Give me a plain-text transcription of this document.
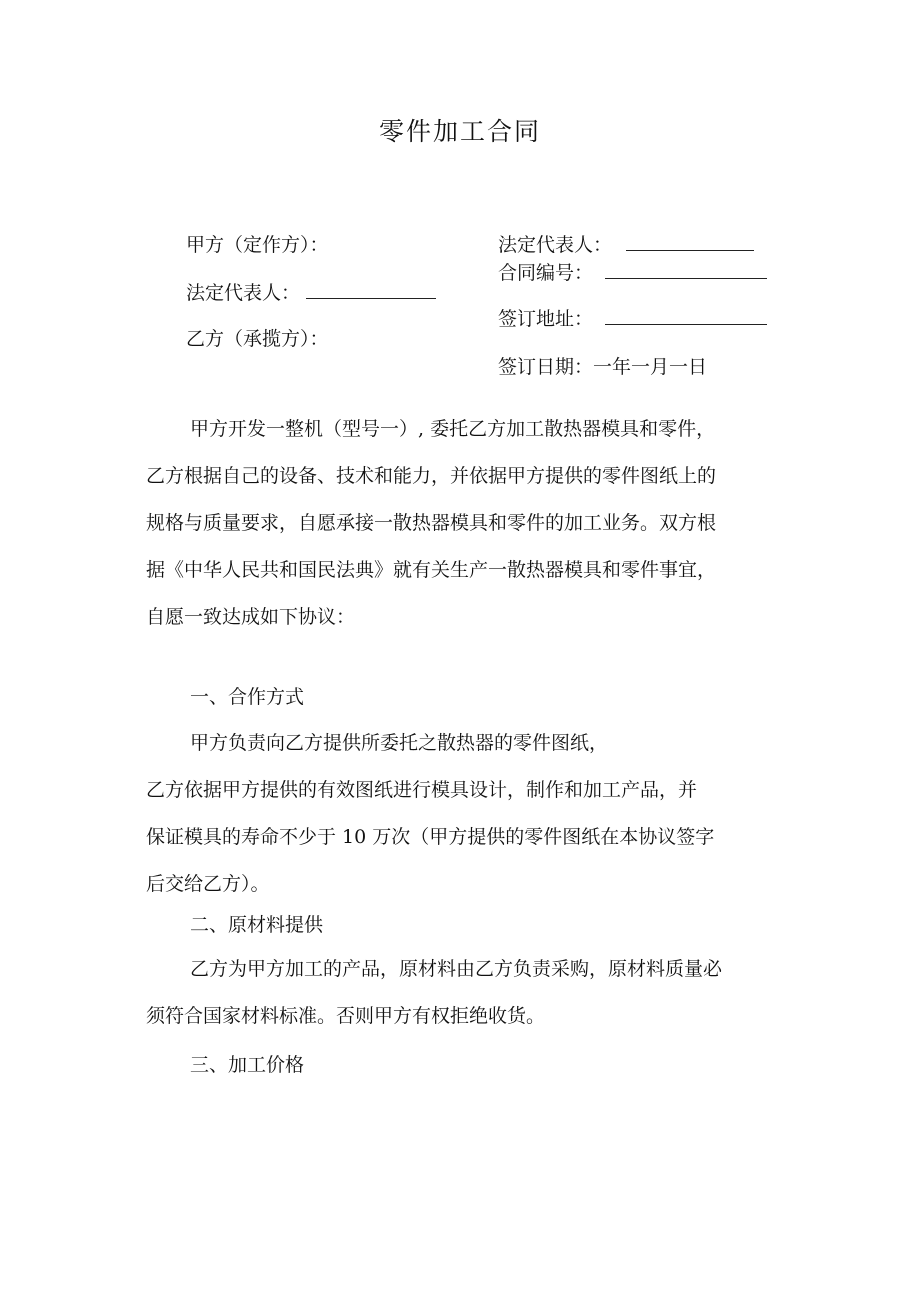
零件加工合同
甲方（定作方）：
法定代表人：
乙方（承揽方）：
法定代表人：
合同编号：
签订地址：
签订日期：一年一月一日
甲方开发一整机（型号一）, 委托乙方加工散热器模具和零件，
乙方根据自己的设备、技术和能力，并依据甲方提供的零件图纸上的
规格与质量要求，自愿承接一散热器模具和零件的加工业务。双方根
据《中华人民共和国民法典》就有关生产一散热器模具和零件事宜，
自愿一致达成如下协议：
一、合作方式
甲方负责向乙方提供所委托之散热器的零件图纸，
乙方依据甲方提供的有效图纸进行模具设计，制作和加工产品，并
保证模具的寿命不少于 10 万次（甲方提供的零件图纸在本协议签字
后交给乙方）。
二、原材料提供
乙方为甲方加工的产品，原材料由乙方负责采购，原材料质量必
须符合国家材料标准。否则甲方有权拒绝收货。
三、加工价格
